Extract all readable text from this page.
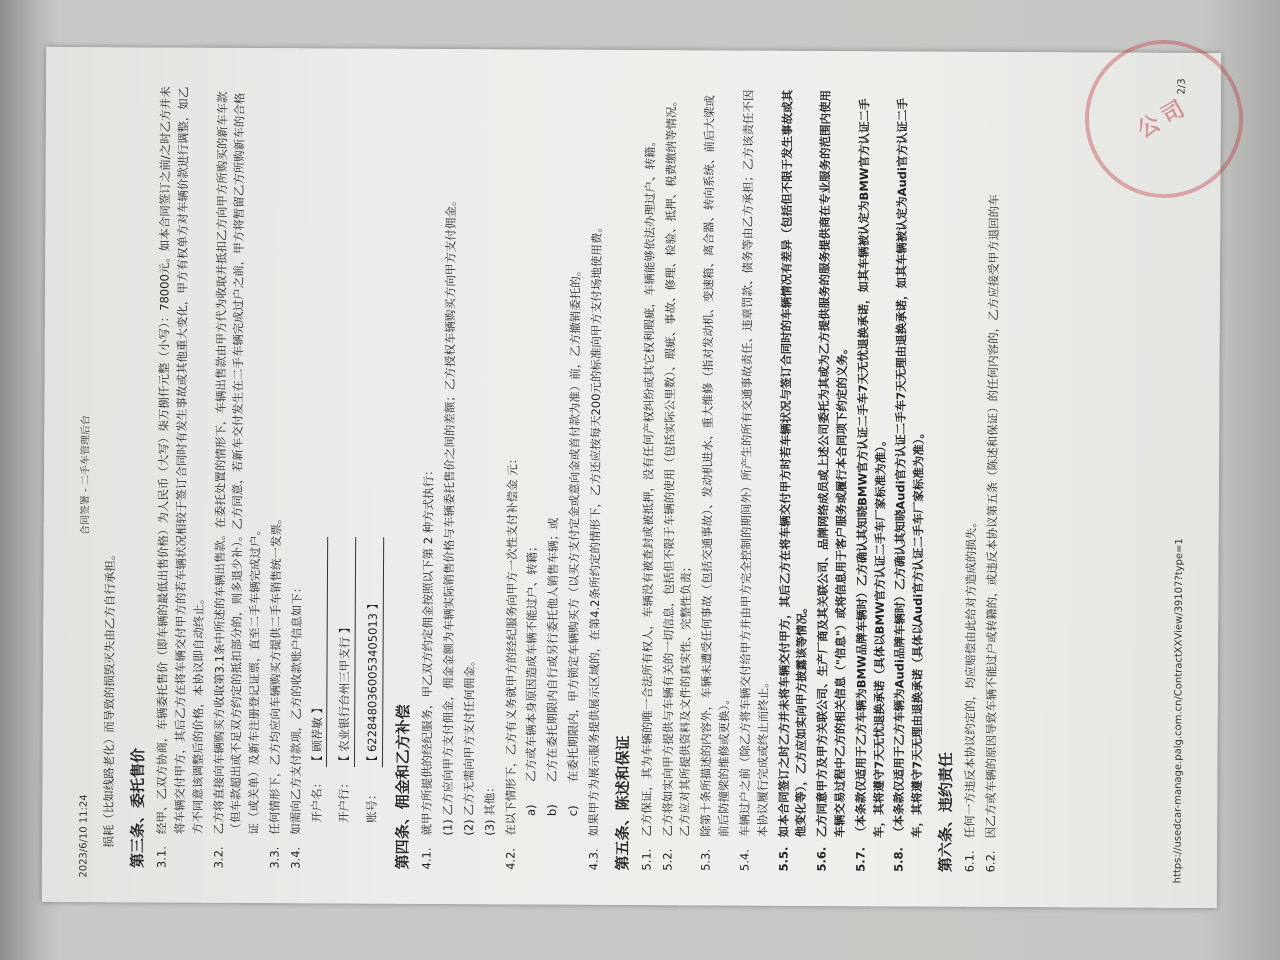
2023/6/10 11:24
合同签署 - 二手车管理后台
损耗（比如线路老化）而导致的损毁灭失由乙方自行承担。 第三条、委托售价 3.1.
经甲、乙双方协商，车辆委托售价（即车辆的最低出售价格）为人民币（大写）柒万捌仟元整（小写）：78000元。如本合同签订之前/之时乙方并未将车辆交付甲方，其后乙方在将车辆交付甲方的若车辆状况相较于签订合同时有发生事故或其他重大变化，甲方有权单方对车辆价款进行调整，如乙方不同意该调整后的价格，本协议即自动终止。
3.2.
乙方将直接向车辆购买方收取第3.1条中所述的车辆出售款。在委托处置的情形下，车辆出售款由甲方代为收取并抵扣乙方向甲方所购买的新车车款（但车款超出或不足双方约定的抵扣部分的，则多退少补）。乙方同意，若新车交付发生在二手车辆完成过户之前，甲方将暂留乙方所购新车的合格证（或关单）及新车注册登记证票，直至二手车辆完成过户。
3.3.
任何情形下，乙方均应向车辆购买方提供二手车销售统一发票。
3.4.
如需向乙方支付款项，乙方的收款账户信息如下： 开户名：
【 顾荐敏 】
开户行：
【 农业银行台州三甲支行 】
账号：
【 6228480360053405013 】
第四条、佣金和乙方补偿 4.1.
就甲方所提供的经纪服务，甲乙双方约定佣金按照以下第 2 种方式执行： (1) 乙方应向甲方支付佣金，佣金金额为车辆实际销售价格与车辆委托售价之间的差额；乙方授权车辆购买方向甲方支付佣金。 (2) 乙方无需向甲方支付任何佣金。 (3) 其他：
4.2.
在以下情形下，乙方有义务就甲方的经纪服务向甲方一次性支付补偿金 元： a)
乙方或车辆本身原因造成车辆不能过户、转籍；
b)
乙方在委托期限内自行或另行委托他人销售车辆；或
c)
在委托期限内，甲方锁定车辆购买方（以买方支付定金或意向金或首付款为准）前，乙方撤销委托的。
4.3.
如果甲方为展示服务提供展示区域的，在第4.2条所约定的情形下，乙方还应按每天200元的标准向甲方支付场地使用费。 第五条、陈述和保证 5.1.
乙方保证，其为车辆的唯一合法所有权人，车辆没有被查封或被抵押，没有任何产权纠纷或其它权利瑕疵，车辆能够依法办理过户、转籍。
5.2.
乙方将如实向甲方提供与车辆有关的一切信息，包括但不限于车辆的使用（包括实际公里数）、瑕疵、事故、修理、检验、抵押、税费缴纳等情况。乙方应对其所提供资料及文件的真实性、完整性负责；
5.3.
除第十条所描述的内容外，车辆未遭受任何事故（包括交通事故）、发动机进水、重大维修（指对发动机、变速箱、离合器、转向系统、前后大梁或前后防撞梁的维修或更换）。
5.4.
车辆过户之前（除乙方将车辆交付给甲方并由甲方完全控制的期间外）所产生的所有交通事故责任、违章罚款、债务等由乙方承担；乙方该责任不因本协议履行完成或终止而终止。
5.5.
如本合同签订之时乙方并未将车辆交付甲方，其后乙方在将车辆交付甲方时若车辆状况与签订合同时的车辆情况有差异（包括但不限于发生事故或其他变化等），乙方应如实向甲方披露该等情况。
5.6.
乙方同意甲方及甲方关联公司、生产厂商及其关联公司、品牌网络成员或上述公司委托为其或为乙方提供服务的服务提供商在专业服务的范围内使用车辆交易过程中乙方的相关信息（"信息"）或将信息用于客户服务或履行本合同项下约定的义务。
5.7.
（本条款仅适用于乙方车辆为BMW品牌车辆时）乙方确认其知晓BMW官方认证二手车7天无忧退换承诺，如其车辆被认定为BMW官方认证二手车，其将遵守7天无忧退换承诺（具体以BMW官方认证二手车厂家标准为准）。
5.8.
（本条款仅适用于乙方车辆为Audi品牌车辆时）乙方确认其知晓Audi官方认证二手车7天无理由退换承诺，如其车辆被认定为Audi官方认证二手车，其将遵守7天无理由退换承诺（具体以Audi官方认证二手车厂家标准为准）。 第六条、违约责任 6.1.
任何一方违反本协议约定的，均应赔偿由此给对方造成的损失。
6.2.
因乙方或车辆的原因导致车辆不能过户或转籍的，或违反本协议第五条（陈述和保证）的任何内容的，乙方应接受甲方退回的车	https://usedcar-manage.palg.com.cn/ContractXXView/39107?type=1
2/3
公司
